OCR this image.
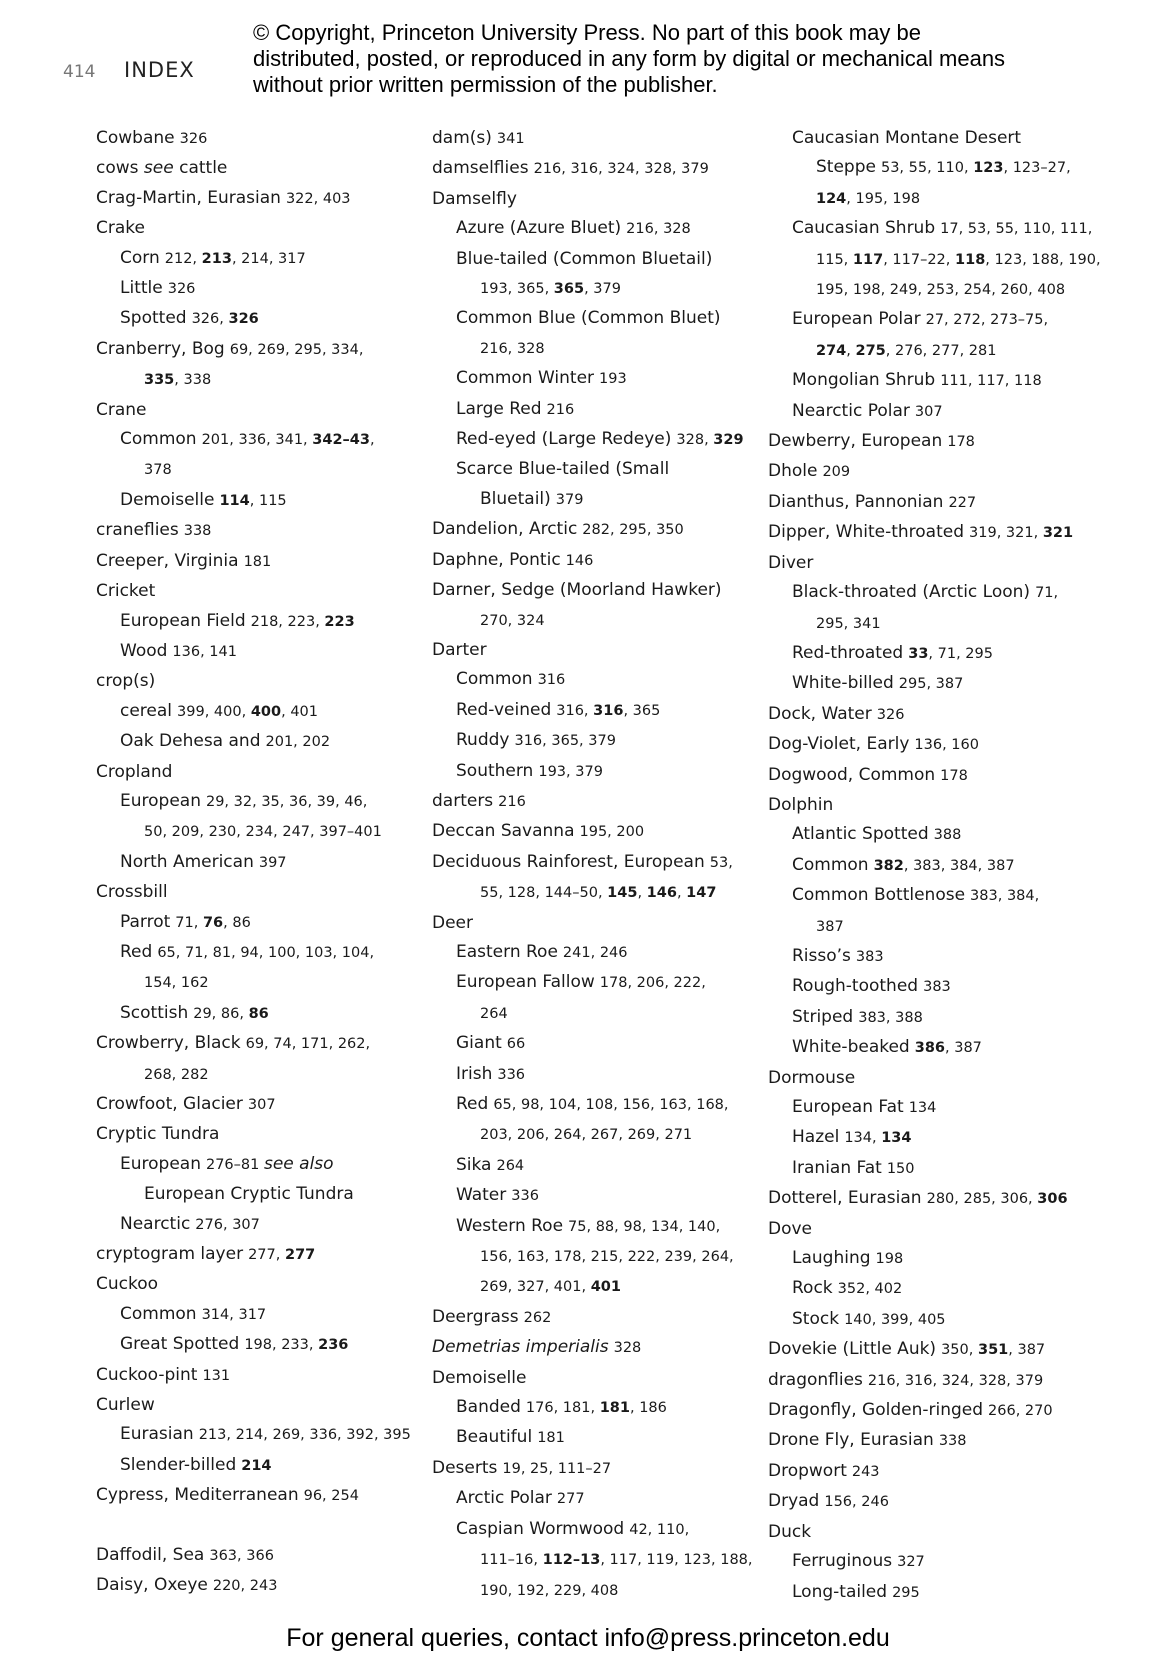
414 INDEX
© Copyright, Princeton University Press. No part of this book may be distributed, posted, or reproduced in any form by digital or mechanical means without prior written permission of the publisher.
Cowbane 326
cows see cattle
Crag-Martin, Eurasian 322, 403
Crake
Corn 212, 213, 214, 317
Little 326
Spotted 326, 326
Cranberry, Bog 69, 269, 295, 334,
335, 338
Crane
Common 201, 336, 341, 342–43,
378
Demoiselle 114, 115
craneflies 338
Creeper, Virginia 181
Cricket
European Field 218, 223, 223
Wood 136, 141
crop(s)
cereal 399, 400, 400, 401
Oak Dehesa and 201, 202
Cropland
European 29, 32, 35, 36, 39, 46,
50, 209, 230, 234, 247, 397–401
North American 397
Crossbill
Parrot 71, 76, 86
Red 65, 71, 81, 94, 100, 103, 104,
154, 162
Scottish 29, 86, 86
Crowberry, Black 69, 74, 171, 262,
268, 282
Crowfoot, Glacier 307
Cryptic Tundra
European 276–81 see also
European Cryptic Tundra
Nearctic 276, 307
cryptogram layer 277, 277
Cuckoo
Common 314, 317
Great Spotted 198, 233, 236
Cuckoo-pint 131
Curlew
Eurasian 213, 214, 269, 336, 392, 395
Slender-billed 214
Cypress, Mediterranean 96, 254
Daffodil, Sea 363, 366
Daisy, Oxeye 220, 243
dam(s) 341
damselflies 216, 316, 324, 328, 379
Damselfly
Azure (Azure Bluet) 216, 328
Blue-tailed (Common Bluetail)
193, 365, 365, 379
Common Blue (Common Bluet)
216, 328
Common Winter 193
Large Red 216
Red-eyed (Large Redeye) 328, 329
Scarce Blue-tailed (Small
Bluetail) 379
Dandelion, Arctic 282, 295, 350
Daphne, Pontic 146
Darner, Sedge (Moorland Hawker)
270, 324
Darter
Common 316
Red-veined 316, 316, 365
Ruddy 316, 365, 379
Southern 193, 379
darters 216
Deccan Savanna 195, 200
Deciduous Rainforest, European 53,
55, 128, 144–50, 145, 146, 147
Deer
Eastern Roe 241, 246
European Fallow 178, 206, 222,
264
Giant 66
Irish 336
Red 65, 98, 104, 108, 156, 163, 168,
203, 206, 264, 267, 269, 271
Sika 264
Water 336
Western Roe 75, 88, 98, 134, 140,
156, 163, 178, 215, 222, 239, 264,
269, 327, 401, 401
Deergrass 262
Demetrias imperialis 328
Demoiselle
Banded 176, 181, 181, 186
Beautiful 181
Deserts 19, 25, 111–27
Arctic Polar 277
Caspian Wormwood 42, 110,
111–16, 112–13, 117, 119, 123, 188,
190, 192, 229, 408
Caucasian Montane Desert
Steppe 53, 55, 110, 123, 123–27,
124, 195, 198
Caucasian Shrub 17, 53, 55, 110, 111,
115, 117, 117–22, 118, 123, 188, 190,
195, 198, 249, 253, 254, 260, 408
European Polar 27, 272, 273–75,
274, 275, 276, 277, 281
Mongolian Shrub 111, 117, 118
Nearctic Polar 307
Dewberry, European 178
Dhole 209
Dianthus, Pannonian 227
Dipper, White-throated 319, 321, 321
Diver
Black-throated (Arctic Loon) 71,
295, 341
Red-throated 33, 71, 295
White-billed 295, 387
Dock, Water 326
Dog-Violet, Early 136, 160
Dogwood, Common 178
Dolphin
Atlantic Spotted 388
Common 382, 383, 384, 387
Common Bottlenose 383, 384,
387
Risso’s 383
Rough-toothed 383
Striped 383, 388
White-beaked 386, 387
Dormouse
European Fat 134
Hazel 134, 134
Iranian Fat 150
Dotterel, Eurasian 280, 285, 306, 306
Dove
Laughing 198
Rock 352, 402
Stock 140, 399, 405
Dovekie (Little Auk) 350, 351, 387
dragonflies 216, 316, 324, 328, 379
Dragonfly, Golden-ringed 266, 270
Drone Fly, Eurasian 338
Dropwort 243
Dryad 156, 246
Duck
Ferruginous 327
Long-tailed 295
For general queries, contact info@press.princeton.edu
